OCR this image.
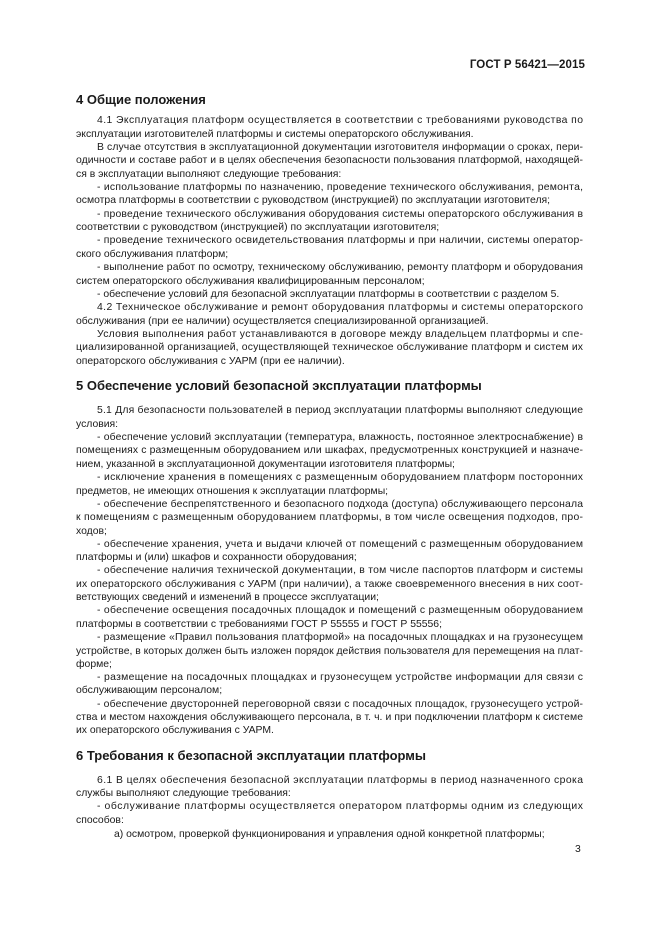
ГОСТ Р 56421—2015
4 Общие положения
4.1 Эксплуатация платформ осуществляется в соответствии с требованиями руководства по
эксплуатации изготовителей платформы и системы операторского обслуживания.
В случае отсутствия в эксплуатационной документации изготовителя информации о сроках, пери-
одичности и составе работ и в целях обеспечения безопасности пользования платформой, находящей-
ся в эксплуатации выполняют следующие требования:
- использование платформы по назначению, проведение технического обслуживания, ремонта,
осмотра платформы в соответствии с руководством (инструкцией) по эксплуатации изготовителя;
- проведение технического обслуживания оборудования системы операторского обслуживания в
соответствии с руководством (инструкцией) по эксплуатации изготовителя;
- проведение технического освидетельствования платформы и при наличии, системы оператор-
ского обслуживания платформ;
- выполнение работ по осмотру, техническому обслуживанию, ремонту платформ и оборудования
систем операторского обслуживания квалифицированным персоналом;
- обеспечение условий для безопасной эксплуатации платформы в соответствии с разделом 5.
4.2 Техническое обслуживание и ремонт оборудования платформы и системы операторского
обслуживания (при ее наличии) осуществляется специализированной организацией.
Условия выполнения работ устанавливаются в договоре между владельцем платформы и спе-
циализированной организацией, осуществляющей техническое обслуживание платформ и систем их
операторского обслуживания с УАРМ (при ее наличии).
5 Обеспечение условий безопасной эксплуатации платформы
5.1 Для безопасности пользователей в период эксплуатации платформы выполняют следующие
условия:
- обеспечение условий эксплуатации (температура, влажность, постоянное электроснабжение) в
помещениях с размещенным оборудованием или шкафах, предусмотренных конструкцией и назначе-
нием, указанной в эксплуатационной документации изготовителя платформы;
- исключение хранения в помещениях с размещенным оборудованием платформ посторонних
предметов, не имеющих отношения к эксплуатации платформы;
- обеспечение беспрепятственного и безопасного подхода (доступа) обслуживающего персонала
к помещениям с размещенным оборудованием платформы, в том числе освещения подходов, про-
ходов;
- обеспечение хранения, учета и выдачи ключей от помещений с размещенным оборудованием
платформы и (или) шкафов и сохранности оборудования;
- обеспечение наличия технической документации, в том числе паспортов платформ и системы
их операторского обслуживания с УАРМ (при наличии), а также своевременного внесения в них соот-
ветствующих сведений и изменений в процессе эксплуатации;
- обеспечение освещения посадочных площадок и помещений с размещенным оборудованием
платформы в соответствии с требованиями ГОСТ Р 55555 и ГОСТ Р 55556;
- размещение «Правил пользования платформой» на посадочных площадках и на грузонесущем
устройстве, в которых должен быть изложен порядок действия пользователя для перемещения на плат-
форме;
- размещение на посадочных площадках и грузонесущем устройстве информации для связи с
обслуживающим персоналом;
- обеспечение двусторонней переговорной связи с посадочных площадок, грузонесущего устрой-
ства и местом нахождения обслуживающего персонала, в т. ч. и при подключении платформ к системе
их операторского обслуживания с УАРМ.
6 Требования к безопасной эксплуатации платформы
6.1 В целях обеспечения безопасной эксплуатации платформы в период назначенного срока
службы выполняют следующие требования:
- обслуживание платформы осуществляется оператором платформы одним из следующих
способов:
а) осмотром, проверкой функционирования и управления одной конкретной платформы;
3
